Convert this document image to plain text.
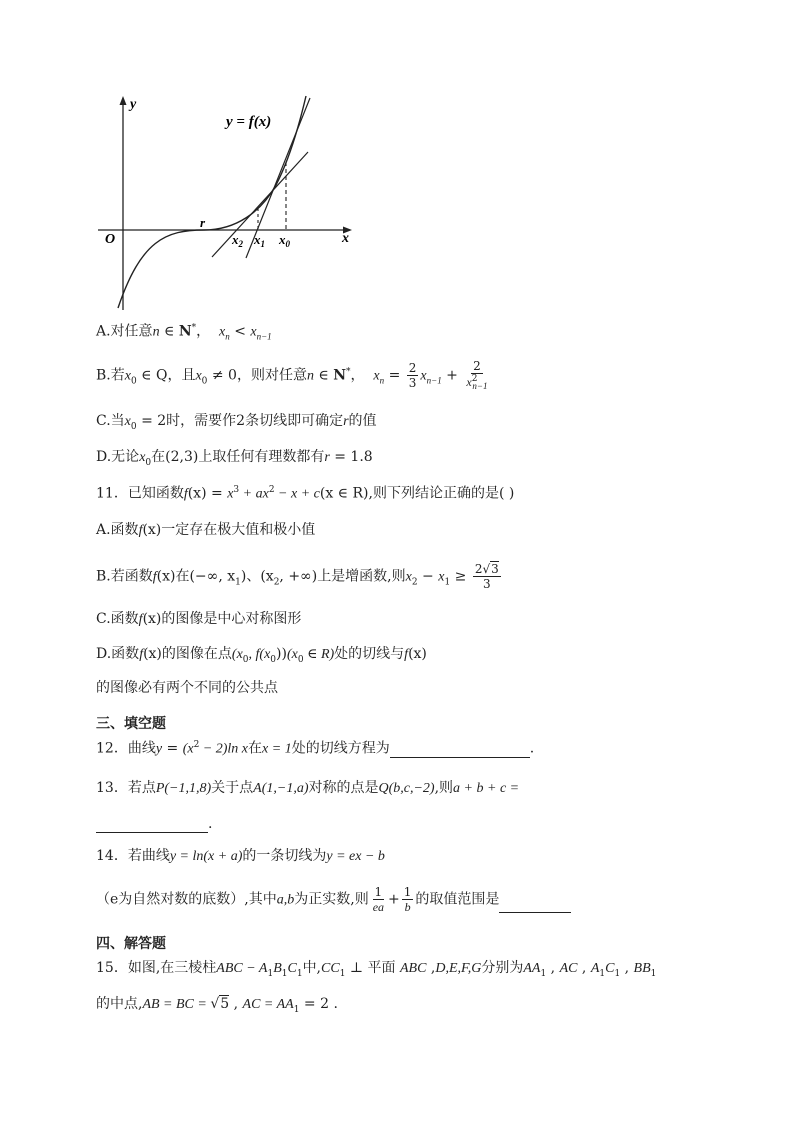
y
x
O
y = f(x)
r
$x_2$ $x_1$ $x_0$
A.对任意n ∈ N*， $x_n < x_{n-1}$
B.若$x_0$ ∈ Q，且$x_0 \ne 0$，则对任意n ∈ N*， $x_n = \frac{2}{3} x_{n-1} + \frac{2}{x^2_{n-1}}$
C.当$x_0 = 2$时，需要作2条切线即可确定r的值
D.无论$x_0$在(2,3)上取任何有理数都有r = 1.8
11．已知函数$f(x) = x^3 + ax^2 - x + c(x$ ∈ R),则下列结论正确的是( )
A.函数f(x)一定存在极大值和极小值
B.若函数f(x)在(−∞, $x_1$)、($x_2$, +∞)上是增函数,则$x_2 - x_1 \ge \frac{2√3}{3}$
C.函数f(x)的图像是中心对称图形
D.函数f(x)的图像在点($x_0$, $f(x_0))(x_0$ ∈ R)处的切线与f(x)
的图像必有两个不同的公共点
三、填空题
12．曲线$y = (x^2 - 2)\ln$ x在x = 1处的切线方程为	.
13．若点P(−1,1,8)关于点A(1,−1,a)对称的点是Q(b,c,−2),则a + b + c =
.
14．若曲线y = ln(x + a)的一条切线为y = ex − b
（e为自然对数的底数）,其中a,b为正实数,则 $\frac{1}{ea} + \frac{1}{b}$ 的取值范围是
四、解答题
15．如图,在三棱柱ABC − $A_1B_1C_1$中$,CC_1$ ⊥ 平面 ABC ,D,E,F,G分别为$AA_1$ , AC , $A_1C_1$ , $BB_1$
的中点,AB = BC = √5 , AC = $AA_1 = 2$ .
